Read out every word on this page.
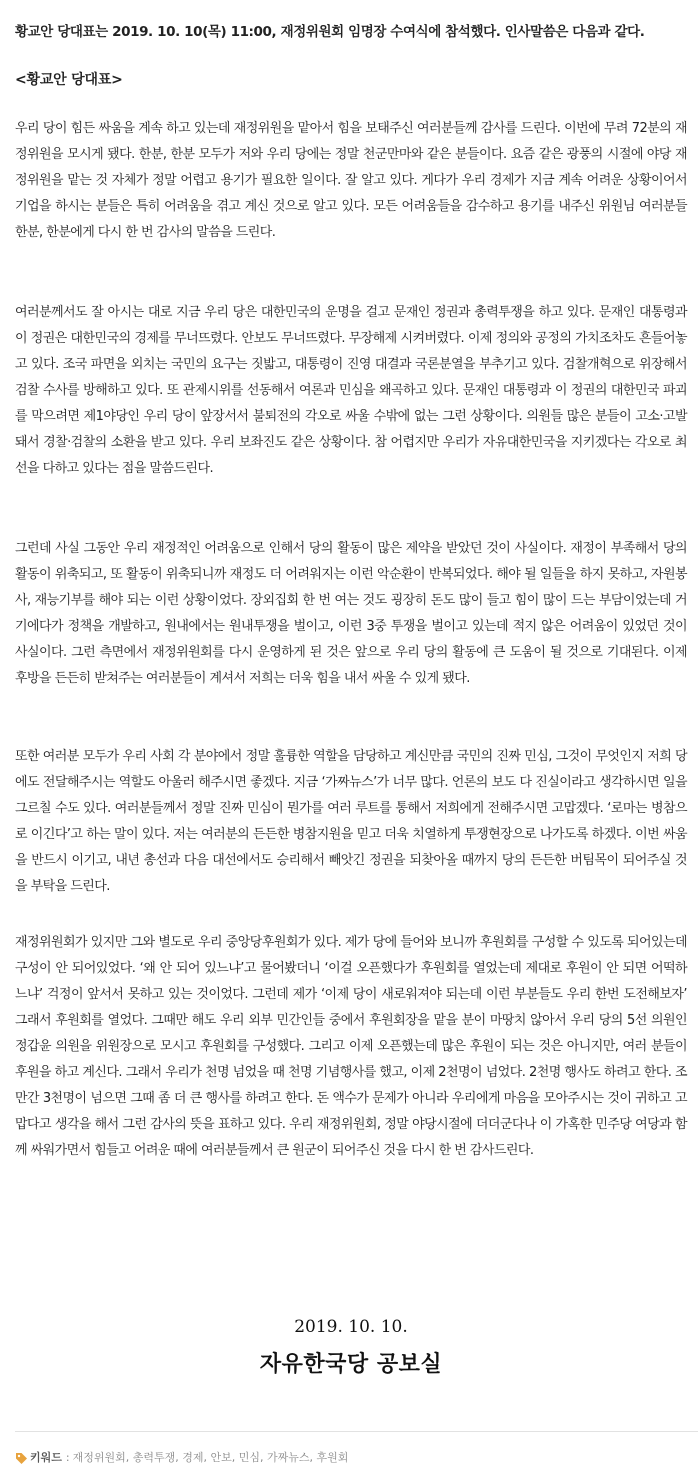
황교안 당대표는 2019. 10. 10(목) 11:00, 재정위원회 임명장 수여식에 참석했다. 인사말씀은 다음과 같다.
<황교안 당대표>

우리 당이 힘든 싸움을 계속 하고 있는데 재정위원을 맡아서 힘을 보태주신 여러분들께 감사를 드린다. 이번에 무려 72분의 재정위원을 모시게 됐다. 한분, 한분 모두가 저와 우리 당에는 정말 천군만마와 같은 분들이다. 요즘 같은 광풍의 시절에 야당 재정위원을 맡는 것 자체가 정말 어렵고 용기가 필요한 일이다. 잘 알고 있다. 게다가 우리 경제가 지금 계속 어려운 상황이어서 기업을 하시는 분들은 특히 어려움을 겪고 계신 것으로 알고 있다. 모든 어려움들을 감수하고 용기를 내주신 위원님 여러분들 한분, 한분에게 다시 한 번 감사의 말씀을 드린다.

여러분께서도 잘 아시는 대로 지금 우리 당은 대한민국의 운명을 걸고 문재인 정권과 총력투쟁을 하고 있다. 문재인 대통령과 이 정권은 대한민국의 경제를 무너뜨렸다. 안보도 무너뜨렸다. 무장해제 시켜버렸다. 이제 정의와 공정의 가치조차도 흔들어놓고 있다. 조국 파면을 외치는 국민의 요구는 짓밟고, 대통령이 진영 대결과 국론분열을 부추기고 있다. 검찰개혁으로 위장해서 검찰 수사를 방해하고 있다. 또 관제시위를 선동해서 여론과 민심을 왜곡하고 있다. 문재인 대통령과 이 정권의 대한민국 파괴를 막으려면 제1야당인 우리 당이 앞장서서 불퇴전의 각오로 싸울 수밖에 없는 그런 상황이다. 의원들 많은 분들이 고소·고발돼서 경찰·검찰의 소환을 받고 있다. 우리 보좌진도 같은 상황이다. 참 어렵지만 우리가 자유대한민국을 지키겠다는 각오로 최선을 다하고 있다는 점을 말씀드린다.

그런데 사실 그동안 우리 재정적인 어려움으로 인해서 당의 활동이 많은 제약을 받았던 것이 사실이다. 재정이 부족해서 당의 활동이 위축되고, 또 활동이 위축되니까 재정도 더 어려워지는 이런 악순환이 반복되었다. 해야 될 일들을 하지 못하고, 자원봉사, 재능기부를 해야 되는 이런 상황이었다. 장외집회 한 번 여는 것도 굉장히 돈도 많이 들고 힘이 많이 드는 부담이었는데 거기에다가 정책을 개발하고, 원내에서는 원내투쟁을 벌이고, 이런 3중 투쟁을 벌이고 있는데 적지 않은 어려움이 있었던 것이 사실이다. 그런 측면에서 재정위원회를 다시 운영하게 된 것은 앞으로 우리 당의 활동에 큰 도움이 될 것으로 기대된다. 이제 후방을 든든히 받쳐주는 여러분들이 계셔서 저희는 더욱 힘을 내서 싸울 수 있게 됐다.

또한 여러분 모두가 우리 사회 각 분야에서 정말 훌륭한 역할을 담당하고 계신만큼 국민의 진짜 민심, 그것이 무엇인지 저희 당에도 전달해주시는 역할도 아울러 해주시면 좋겠다. 지금 ‘가짜뉴스’가 너무 많다. 언론의 보도 다 진실이라고 생각하시면 일을 그르칠 수도 있다. 여러분들께서 정말 진짜 민심이 뭔가를 여러 루트를 통해서 저희에게 전해주시면 고맙겠다. ‘로마는 병참으로 이긴다’고 하는 말이 있다. 저는 여러분의 든든한 병참지원을 믿고 더욱 치열하게 투쟁현장으로 나가도록 하겠다. 이번 싸움을 반드시 이기고, 내년 총선과 다음 대선에서도 승리해서 빼앗긴 정권을 되찾아올 때까지 당의 든든한 버팀목이 되어주실 것을 부탁을 드린다.

재정위원회가 있지만 그와 별도로 우리 중앙당후원회가 있다. 제가 당에 들어와 보니까 후원회를 구성할 수 있도록 되어있는데 구성이 안 되어있었다. ‘왜 안 되어 있느냐’고 물어봤더니 ‘이걸 오픈했다가 후원회를 열었는데 제대로 후원이 안 되면 어떡하느냐’ 걱정이 앞서서 못하고 있는 것이었다. 그런데 제가 ‘이제 당이 새로워져야 되는데 이런 부분들도 우리 한번 도전해보자’ 그래서 후원회를 열었다. 그때만 해도 우리 외부 민간인들 중에서 후원회장을 맡을 분이 마땅치 않아서 우리 당의 5선 의원인 정갑윤 의원을 위원장으로 모시고 후원회를 구성했다. 그리고 이제 오픈했는데 많은 후원이 되는 것은 아니지만, 여러 분들이 후원을 하고 계신다. 그래서 우리가 천명 넘었을 때 천명 기념행사를 했고, 이제 2천명이 넘었다. 2천명 행사도 하려고 한다. 조만간 3천명이 넘으면 그때 좀 더 큰 행사를 하려고 한다. 돈 액수가 문제가 아니라 우리에게 마음을 모아주시는 것이 귀하고 고맙다고 생각을 해서 그런 감사의 뜻을 표하고 있다. 우리 재정위원회, 정말 야당시절에 더더군다나 이 가혹한 민주당 여당과 함께 싸워가면서 힘들고 어려운 때에 여러분들께서 큰 원군이 되어주신 것을 다시 한 번 감사드린다.

2019. 10. 10.
자유한국당 공보실
키워드 : 재정위원회, 총력투쟁, 경제, 안보, 민심, 가짜뉴스, 후원회
